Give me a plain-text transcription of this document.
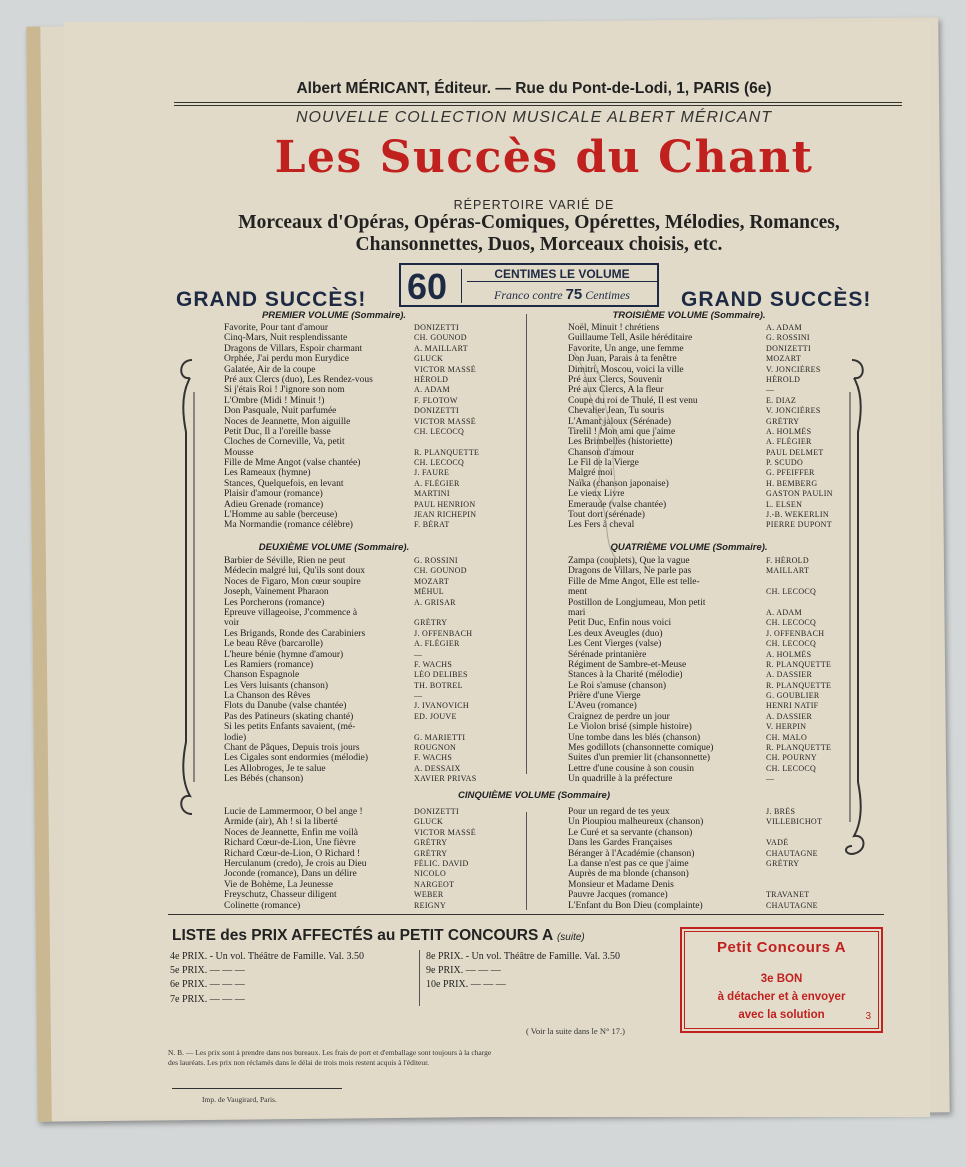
Albert MÉRICANT, Éditeur. — Rue du Pont-de-Lodi, 1, PARIS (6e)
NOUVELLE COLLECTION MUSICALE ALBERT MÉRICANT
Les Succès du Chant
RÉPERTOIRE VARIÉ DE
Morceaux d'Opéras, Opéras-Comiques, Opérettes, Mélodies, Romances,
Chansonnettes, Duos, Morceaux choisis, etc.
GRAND SUCCÈS!	GRAND SUCCÈS!
60	CENTIMES LE VOLUME
Franco contre 75 Centimes
PREMIER VOLUME (Sommaire).
Favorite, Pour tant d'amour	DONIZETTI
Cinq-Mars, Nuit resplendissante	CH. GOUNOD
Dragons de Villars, Espoir charmant	A. MAILLART
Orphée, J'ai perdu mon Eurydice	GLUCK
Galatée, Air de la coupe	VICTOR MASSÉ
Pré aux Clercs (duo), Les Rendez-vous	HÉROLD
Si j'étais Roi ! J'ignore son nom	A. ADAM
L'Ombre (Midi ! Minuit !)	F. FLOTOW
Don Pasquale, Nuit parfumée	DONIZETTI
Noces de Jeannette, Mon aiguille	VICTOR MASSÉ
Petit Duc, Il a l'oreille basse	CH. LECOCQ
Cloches de Corneville, Va, petit
Mousse	R. PLANQUETTE
Fille de Mme Angot (valse chantée)	CH. LECOCQ
Les Rameaux (hymne)	J. FAURE
Stances, Quelquefois, en levant	A. FLÉGIER
Plaisir d'amour (romance)	MARTINI
Adieu Grenade (romance)	PAUL HENRION
L'Homme au sable (berceuse)	JEAN RICHEPIN
Ma Normandie (romance célèbre)	F. BÉRAT
DEUXIÈME VOLUME (Sommaire).
Barbier de Séville, Rien ne peut	G. ROSSINI
Médecin malgré lui, Qu'ils sont doux	CH. GOUNOD
Noces de Figaro, Mon cœur soupire	MOZART
Joseph, Vainement Pharaon	MÉHUL
Les Porcherons (romance)	A. GRISAR
Epreuve villageoise, J'commence à
voir	GRÉTRY
Les Brigands, Ronde des Carabiniers	J. OFFENBACH
Le beau Rêve (barcarolle)	A. FLÉGIER
L'heure bénie (hymne d'amour)	—
Les Ramiers (romance)	F. WACHS
Chanson Espagnole	LÉO DELIBES
Les Vers luisants (chanson)	TH. BOTREL
La Chanson des Rêves	—
Flots du Danube (valse chantée)	J. IVANOVICH
Pas des Patineurs (skating chanté)	ED. JOUVE
Si les petits Enfants savaient, (mé-
lodie)	G. MARIETTI
Chant de Pâques, Depuis trois jours	ROUGNON
Les Cigales sont endormies (mélodie)	F. WACHS
Les Allobroges, Je te salue	A. DESSAIX
Les Bébés (chanson)	XAVIER PRIVAS
TROISIÈME VOLUME (Sommaire).
Noël, Minuit ! chrétiens	A. ADAM
Guillaume Tell, Asile héréditaire	G. ROSSINI
Favorite, Un ange, une femme	DONIZETTI
Don Juan, Parais à ta fenêtre	MOZART
Dimitri, Moscou, voici la ville	V. JONCIÈRES
Pré aux Clercs, Souvenir	HÉROLD
Pré aux Clercs, A la fleur	—
Coupe du roi de Thulé, Il est venu	E. DIAZ
Chevalier Jean, Tu souris	V. JONCIÈRES
L'Amant jaloux (Sérénade)	GRÉTRY
Tirelil ! Mon ami que j'aime	A. HOLMÈS
Les Brimbelles (historiette)	A. FLÉGIER
Chanson d'amour	PAUL DELMET
Le Fil de la Vierge	P. SCUDO
Malgré moi	G. PFEIFFER
Naïka (chanson japonaise)	H. BEMBERG
Le vieux Livre	GASTON PAULIN
Emeraude (valse chantée)	L. ELSEN
Tout dort (sérénade)	J.-B. WEKERLIN
Les Fers à cheval	PIERRE DUPONT
QUATRIÈME VOLUME (Sommaire).
Zampa (couplets), Que la vague	F. HÉROLD
Dragons de Villars, Ne parle pas	MAILLART
Fille de Mme Angot, Elle est telle-
ment	CH. LECOCQ
Postillon de Longjumeau, Mon petit
mari	A. ADAM
Petit Duc, Enfin nous voici	CH. LECOCQ
Les deux Aveugles (duo)	J. OFFENBACH
Les Cent Vierges (valse)	CH. LECOCQ
Sérénade printanière	A. HOLMÈS
Régiment de Sambre-et-Meuse	R. PLANQUETTE
Stances à la Charité (mélodie)	A. DASSIER
Le Roi s'amuse (chanson)	R. PLANQUETTE
Prière d'une Vierge	G. GOUBLIER
L'Aveu (romance)	HENRI NATIF
Craignez de perdre un jour	A. DASSIER
Le Violon brisé (simple histoire)	V. HERPIN
Une tombe dans les blés (chanson)	CH. MALO
Mes godillots (chansonnette comique)	R. PLANQUETTE
Suites d'un premier lit (chansonnette)	CH. POURNY
Lettre d'une cousine à son cousin	CH. LECOCQ
Un quadrille à la préfecture	—
CINQUIÈME VOLUME (Sommaire)
Lucie de Lammermoor, O bel ange !	DONIZETTI
Armide (air), Ah ! si la liberté	GLUCK
Noces de Jeannette, Enfin me voilà	VICTOR MASSÉ
Richard Cœur-de-Lion, Une fièvre	GRÉTRY
Richard Cœur-de-Lion, O Richard !	GRÉTRY
Herculanum (credo), Je crois au Dieu	FÉLIC. DAVID
Joconde (romance), Dans un délire	NICOLO
Vie de Bohème, La Jeunesse	NARGEOT
Freyschutz, Chasseur diligent	WEBER
Colinette (romance)	REIGNY
Pour un regard de tes yeux	J. BRÈS
Un Pioupiou malheureux (chanson)	VILLEBICHOT
Le Curé et sa servante (chanson)
Dans les Gardes Françaises	VADÉ
Béranger à l'Académie (chanson)	CHAUTAGNE
La danse n'est pas ce que j'aime	GRÉTRY
Auprès de ma blonde (chanson)
Monsieur et Madame Denis
Pauvre Jacques (romance)	TRAVANET
L'Enfant du Bon Dieu (complainte)	CHAUTAGNE
LISTE des PRIX AFFECTÉS au PETIT CONCOURS A (suite)
4e PRIX. - Un vol. Théâtre de Famille. Val. 3.50
5e PRIX. — — —
6e PRIX. — — —
7e PRIX. — — —
8e PRIX. - Un vol. Théâtre de Famille. Val. 3.50
9e PRIX. — — —
10e PRIX. — — —
( Voir la suite dans le N° 17.)
N. B. — Les prix sont à prendre dans nos bureaux. Les frais de port et d'emballage sont toujours à la charge
des lauréats. Les prix non réclamés dans le délai de trois mois restent acquis à l'éditeur.
Imp. de Vaugirard, Paris.
Petit Concours A
3e BON
à détacher et à envoyer
avec la solution	3
